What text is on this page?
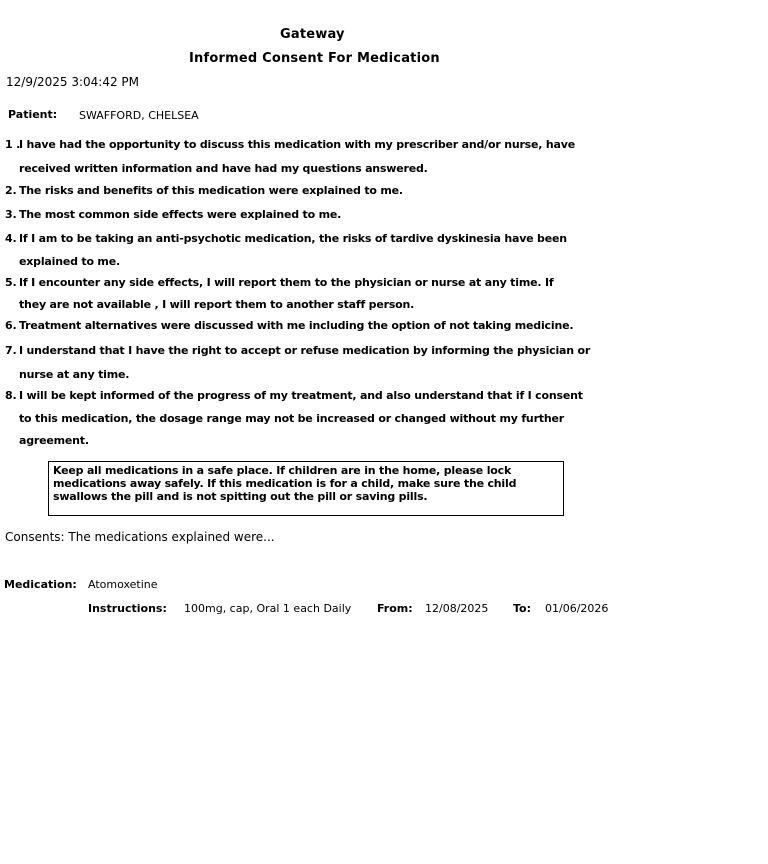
Gateway
Informed Consent For Medication
12/9/2025 3:04:42 PM
Patient: SWAFFORD, CHELSEA
1 .
I have had the opportunity to discuss this medication with my prescriber and/or nurse, have
received written information and have had my questions answered.
2. The risks and benefits of this medication were explained to me.
3. The most common side effects were explained to me.
4. If I am to be taking an anti-psychotic medication, the risks of tardive dyskinesia have been
explained to me.
5. If I encounter any side effects, I will report them to the physician or nurse at any time. If
they are not available , I will report them to another staff person.
6. Treatment alternatives were discussed with me including the option of not taking medicine.
7. I understand that I have the right to accept or refuse medication by informing the physician or
nurse at any time.
8. I will be kept informed of the progress of my treatment, and also understand that if I consent
to this medication, the dosage range may not be increased or changed without my further
agreement.
Keep all medications in a safe place. If children are in the home, please lock
medications away safely. If this medication is for a child, make sure the child
swallows the pill and is not spitting out the pill or saving pills.
Consents: The medications explained were...
Medication: Atomoxetine
Instructions: 100mg, cap, Oral 1 each Daily From: 12/08/2025 To: 01/06/2026
